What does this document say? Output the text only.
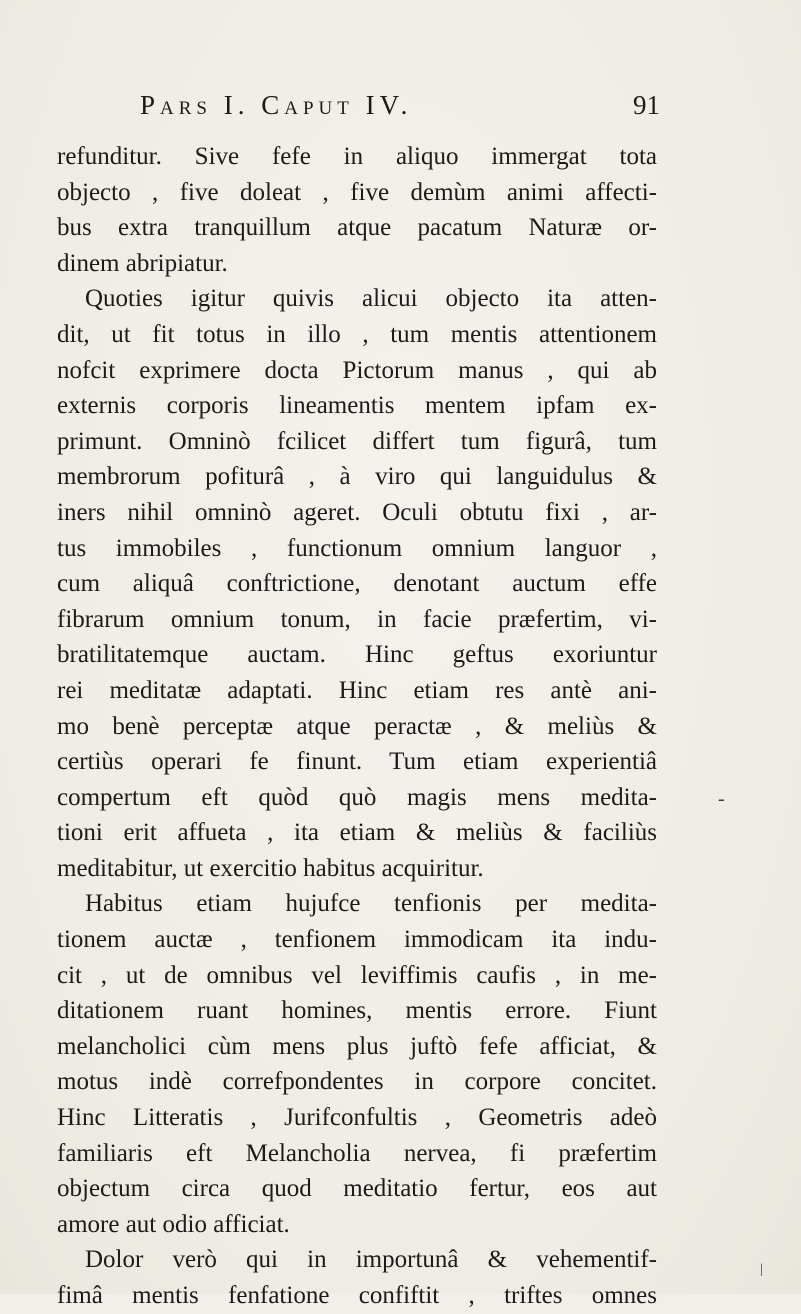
Pars I. Caput IV.	91
refunditur. Sive fefe in aliquo immergat tota
objecto , five doleat , five demùm animi affecti-
bus extra tranquillum atque pacatum Naturæ or-
dinem abripiatur.
Quoties igitur quivis alicui objecto ita atten-
dit, ut fit totus in illo , tum mentis attentionem
nofcit exprimere docta Pictorum manus , qui ab
externis corporis lineamentis mentem ipfam ex-
primunt. Omninò fcilicet differt tum figurâ, tum
membrorum pofiturâ , à viro qui languidulus &
iners nihil omninò ageret. Oculi obtutu fixi , ar-
tus immobiles , functionum omnium languor ,
cum aliquâ conftrictione, denotant auctum effe
fibrarum omnium tonum, in facie præfertim, vi-
bratilitatemque auctam. Hinc geftus exoriuntur
rei meditatæ adaptati. Hinc etiam res antè ani-
mo benè perceptæ atque peractæ , & meliùs &
certiùs operari fe finunt. Tum etiam experientiâ
compertum eft quòd quò magis mens medita-
tioni erit affueta , ita etiam & meliùs & faciliùs
meditabitur, ut exercitio habitus acquiritur.
Habitus etiam hujufce tenfionis per medita-
tionem auctæ , tenfionem immodicam ita indu-
cit , ut de omnibus vel leviffimis caufis , in me-
ditationem ruant homines, mentis errore. Fiunt
melancholici cùm mens plus juftò fefe afficiat, &
motus indè correfpondentes in corpore concitet.
Hinc Litteratis , Jurifconfultis , Geometris adeò
familiaris eft Melancholia nervea, fi præfertim
objectum circa quod meditatio fertur, eos aut
amore aut odio afficiat.
Dolor verò qui in importunâ & vehementif-
fimâ mentis fenfatione confiftit , triftes omnes
-
|
